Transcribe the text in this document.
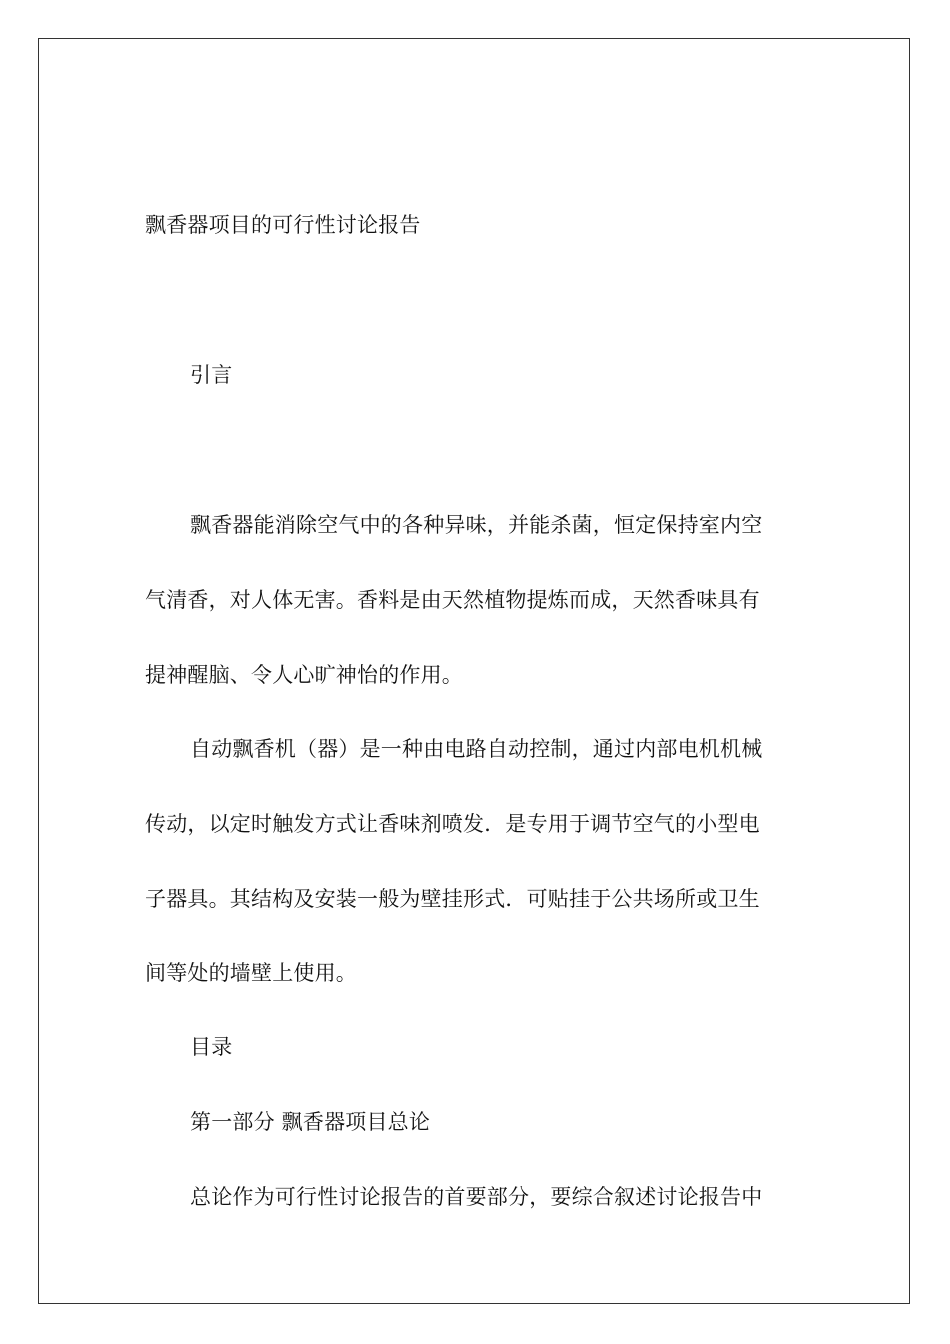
飘香器项目的可行性讨论报告
引言
飘香器能消除空气中的各种异味，并能杀菌，恒定保持室内空
气清香，对人体无害。香料是由天然植物提炼而成，天然香味具有
提神醒脑、令人心旷神怡的作用。
自动飘香机（器）是一种由电路自动控制，通过内部电机机械
传动，以定时触发方式让香味剂喷发．是专用于调节空气的小型电
子器具。其结构及安装一般为壁挂形式．可贴挂于公共场所或卫生
间等处的墙壁上使用。
目录
第一部分 飘香器项目总论
总论作为可行性讨论报告的首要部分，要综合叙述讨论报告中
